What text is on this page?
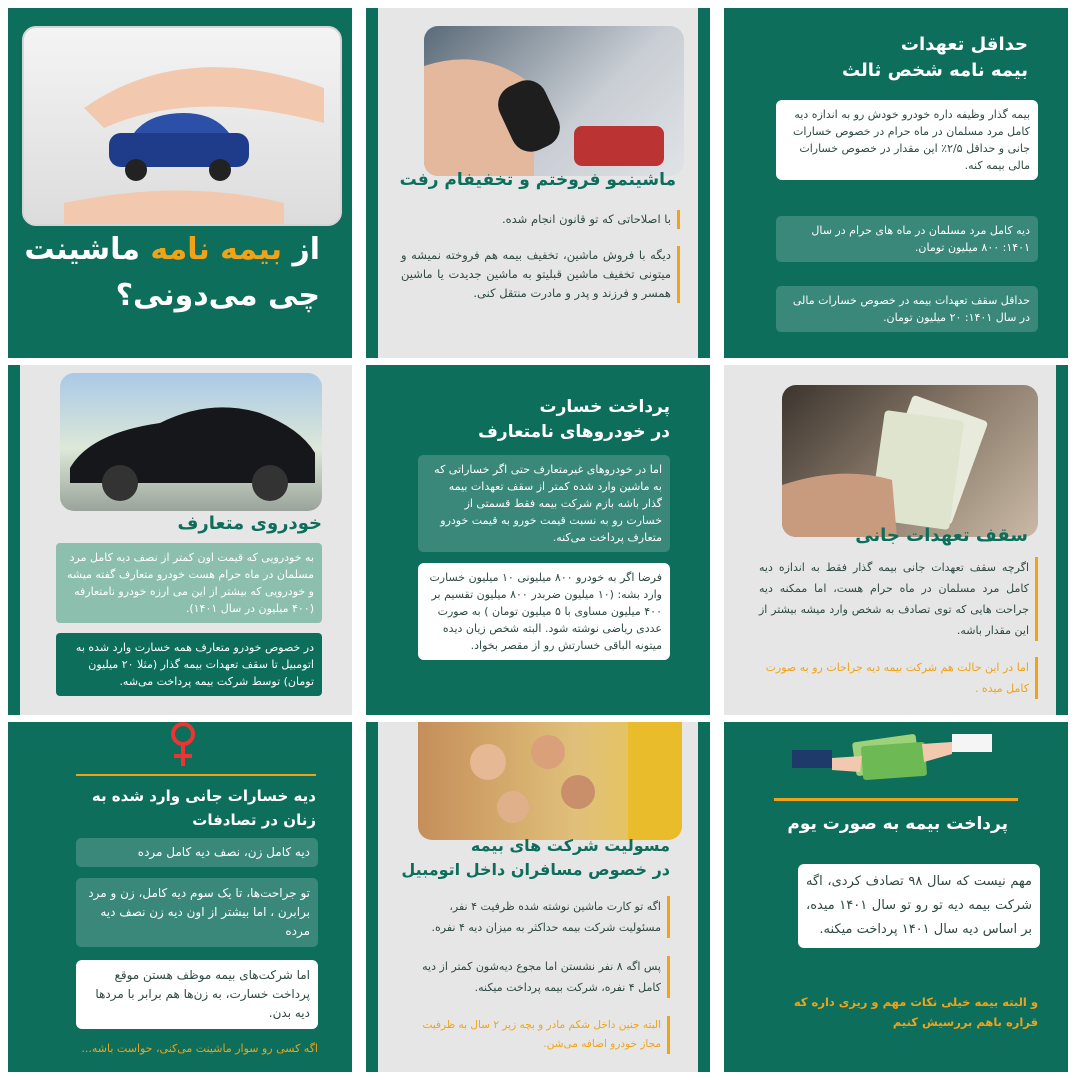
از بیمه نامه ماشینت
چی می‌دونی؟
ماشینمو فروختم و تخفیفام رفت
با اصلاحاتی که تو قانون انجام شده.
دیگه با فروش ماشین، تخفیف بیمه هم فروخته نمیشه و میتونی تخفیف ماشین قبلیتو به ماشین جدیدت یا ماشین همسر و فرزند و پدر و مادرت منتقل کنی.
حداقل تعهدات
بیمه نامه شخص ثالث
بیمه گذار وظیفه داره خودرو خودش رو به اندازه دیه کامل مرد مسلمان در ماه حرام در خصوص خسارات جانی و حداقل ۲/۵٪ این مقدار در خصوص خسارات مالی بیمه کنه.
دیه کامل مرد مسلمان در ماه های حرام در سال ۱۴۰۱: ۸۰۰ میلیون تومان.
حداقل سقف تعهدات بیمه در خصوص خسارات مالی در سال ۱۴۰۱: ۲۰ میلیون تومان.
خودروی متعارف
به خودرویی که قیمت اون کمتر از نصف دیه کامل مرد مسلمان در ماه حرام هست خودرو متعارف گفته میشه و خودرویی که بیشتر از این می ارزه خودرو نامتعارفه (۴۰۰ میلیون در سال ۱۴۰۱).
در خصوص خودرو متعارف همه خسارت وارد شده به اتومبیل تا سقف تعهدات بیمه گذار (مثلا ۲۰ میلیون تومان) توسط شرکت بیمه پرداخت می‌شه.
پرداخت خسارت
در خودروهای نامتعارف
اما در خودروهای غیرمتعارف حتی اگر خساراتی که به ماشین وارد شده کمتر از سقف تعهدات بیمه گذار باشه بازم شرکت بیمه فقط قسمتی از خسارت رو به نسبت قیمت خورو به قیمت خودرو متعارف پرداخت می‌کنه.
فرضا اگر به خودرو ۸۰۰ میلیونی ۱۰ میلیون خسارت وارد بشه: (۱۰ میلیون ضربدر ۸۰۰ میلیون تقسیم بر ۴۰۰ میلیون مساوی با ۵ میلیون تومان ) به صورت عددی ریاضی نوشته شود. البته شخص زیان دیده میتونه الباقی خسارتش رو از مقصر بخواد.
سقف تعهدات جانی
اگرچه سقف تعهدات جانی بیمه گذار فقط به اندازه دیه کامل مرد مسلمان در ماه حرام هست، اما ممکنه دیه جراحت هایی که توی تصادف به شخص وارد میشه بیشتر از این مقدار باشه.
اما در این حالت هم شرکت بیمه دیه جراحات رو به صورت کامل میده .
دیه خسارات جانی وارد شده به
زنان در تصادفات
دیه کامل زن، نصف دیه کامل مرده
تو جراحت‌ها، تا یک سوم دیه کامل، زن و مرد برابرن ، اما بیشتر از اون دیه زن نصف دیه مرده
اما شرکت‌های بیمه موظف هستن موقع پرداخت خسارت، به زن‌ها هم برابر با مردها دیه بدن.
اگه کسی رو سوار ماشینت می‌کنی، حواست باشه...
مسولیت شرکت های بیمه
در خصوص مسافران داخل اتومبیل
اگه تو کارت ماشین نوشته شده ظرفیت ۴ نفر، مسئولیت شرکت بیمه حداکثر به میزان دیه ۴ نفره.
پس اگه ۸ نفر نشستن اما مجوع دیه‌شون کمتر از دیه کامل ۴ نفره، شرکت بیمه پرداخت میکنه.
البته جنین داخل شکم مادر و بچه زیر ۲ سال به ظرفیت مجاز خودرو اضافه می‌شن.
پرداخت بیمه به صورت یوم
مهم نیست که سال ۹۸ تصادف کردی، اگه شرکت بیمه دیه تو رو تو سال ۱۴۰۱ میده، بر اساس دیه سال ۱۴۰۱ پرداخت میکنه.
و البته بیمه خیلی نکات مهم و ریزی داره که قراره باهم بررسیش کنیم
